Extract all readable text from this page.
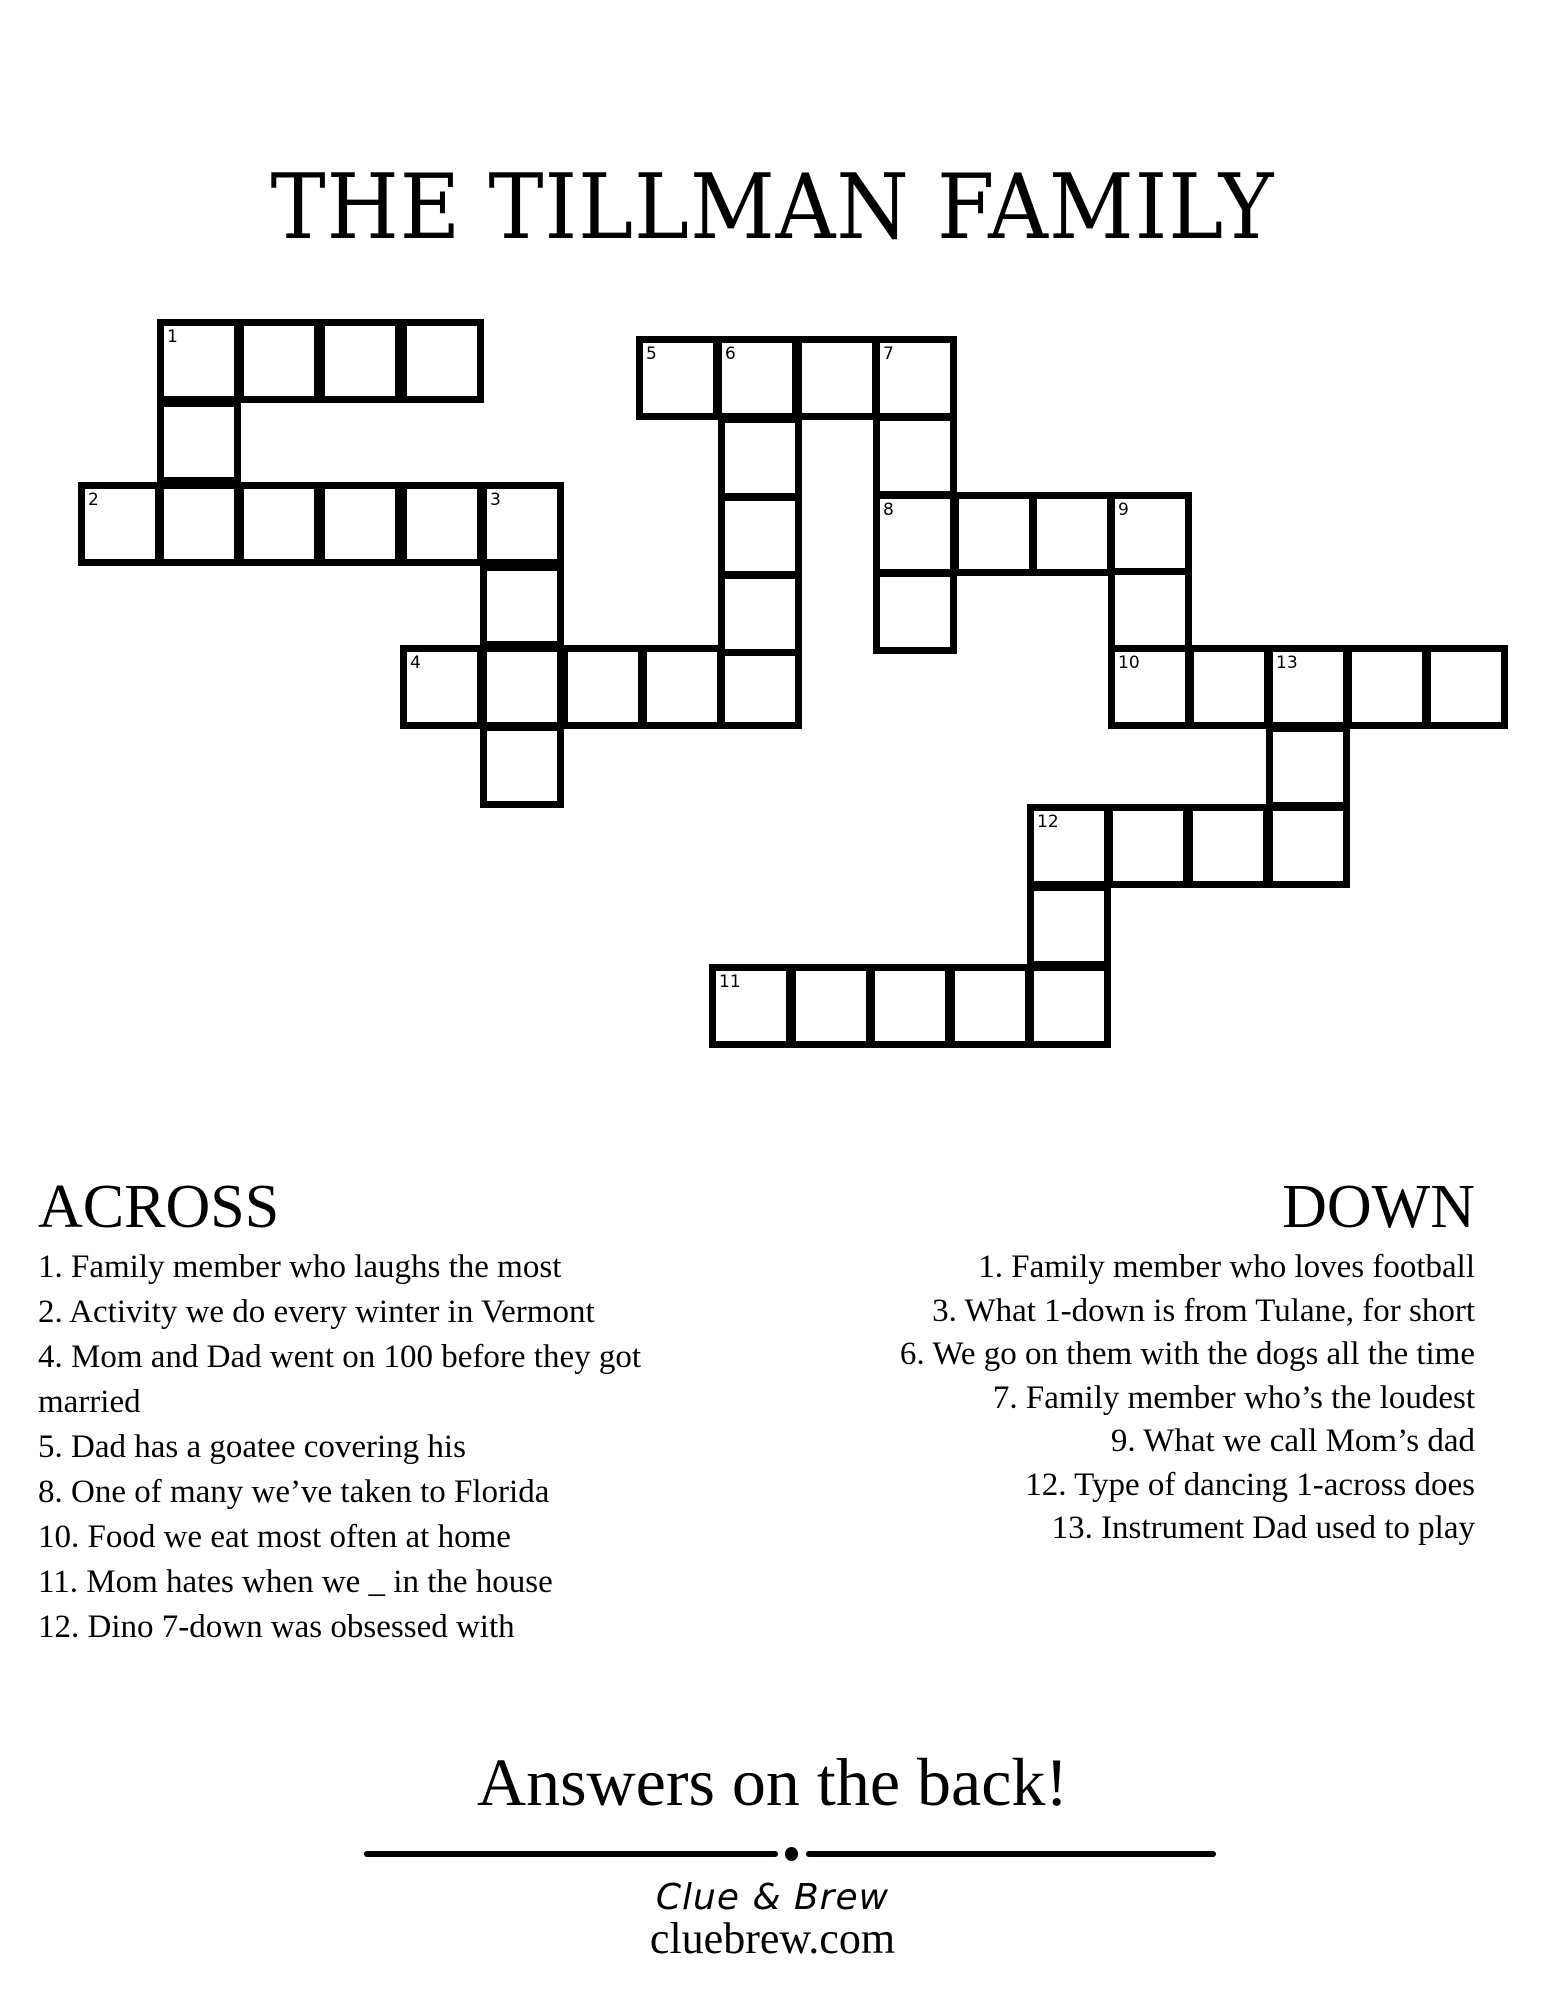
THE TILLMAN FAMILY
1
2	3
4
5	6	7
8	9
10	13
12
11
ACROSS
1. Family member who laughs the most
2. Activity we do every winter in Vermont
4. Mom and Dad went on 100 before they got married
5. Dad has a goatee covering his
8. One of many we’ve taken to Florida
10. Food we eat most often at home
11. Mom hates when we _ in the house
12. Dino 7-down was obsessed with
DOWN
1. Family member who loves football
3. What 1-down is from Tulane, for short
6. We go on them with the dogs all the time
7. Family member who’s the loudest
9. What we call Mom’s dad
12. Type of dancing 1-across does
13. Instrument Dad used to play
Answers on the back!
Clue & Brew
cluebrew.com
